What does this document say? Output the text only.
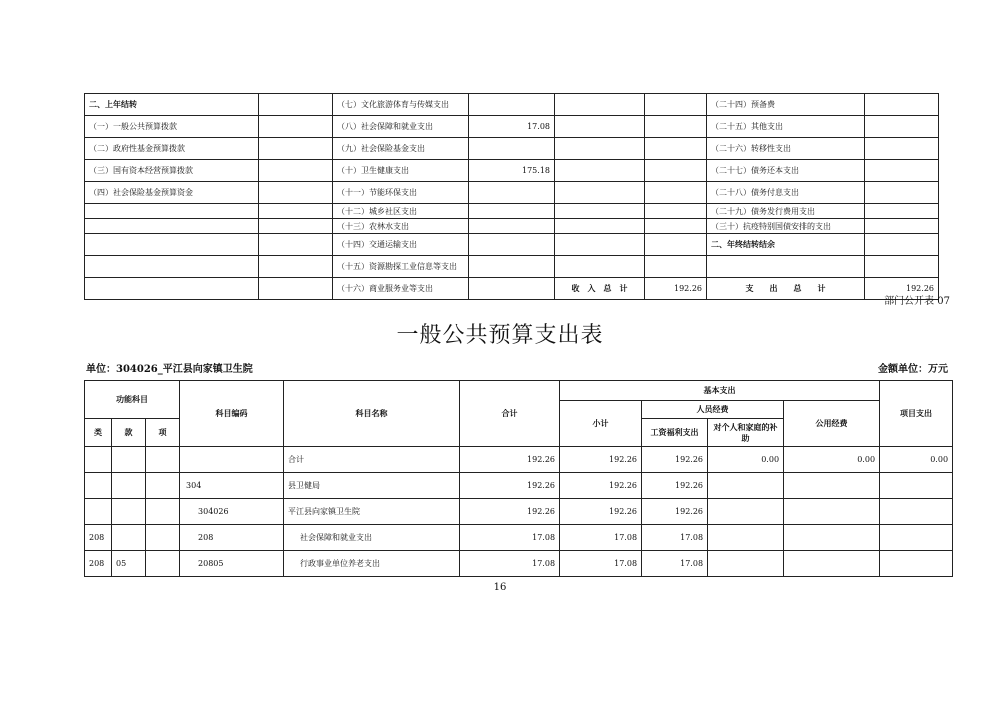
二、上年结转		（七）文化旅游体育与传媒支出				（二十四）预备费	
（一）一般公共预算拨款		（八）社会保障和就业支出	17.08			（二十五）其他支出	
（二）政府性基金预算拨款		（九）社会保险基金支出				（二十六）转移性支出	
（三）国有资本经营预算拨款		（十）卫生健康支出	175.18			（二十七）债务还本支出	
（四）社会保险基金预算资金		（十一）节能环保支出				（二十八）债务付息支出	
		（十二）城乡社区支出				（二十九）债务发行费用支出	
		（十三）农林水支出				（三十）抗疫特别国债安排的支出	
		（十四）交通运输支出				二、年终结转结余	
		（十五）资源勘探工业信息等支出					
		（十六）商业服务业等支出		收　入　总　计	192.26	支　　出　　总　　计	192.26
部门公开表 07
一般公共预算支出表
单位：304026_平江县向家镇卫生院	金额单位：万元
功能科目			科目编码	科目名称	合计	基本支出				项目支出
						小计	人员经费		公用经费	
类	款	项					工资福利支出	对个人和家庭的补助		
				合计	192.26	192.26	192.26	0.00	0.00	0.00
			304	县卫健局	192.26	192.26	192.26			
			304026	平江县向家镇卫生院	192.26	192.26	192.26			
208			208	社会保障和就业支出	17.08	17.08	17.08			
208	05		20805	行政事业单位养老支出	17.08	17.08	17.08			
16
